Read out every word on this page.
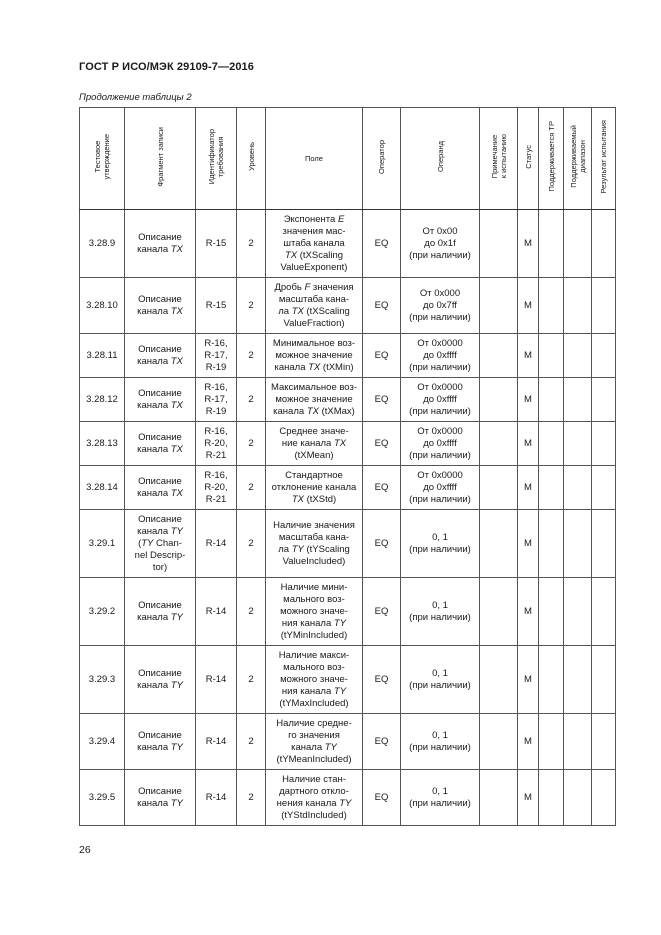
ГОСТ Р ИСО/МЭК 29109-7—2016
Продолжение таблицы 2
Тестовое
утверждение	Фрагмент записи	Идентификатор
требования	Уровень	Поле	Оператор	Операнд	Примечание
к испытанию	Статус	Поддерживается ТР	Поддерживаемый
диапазон	Результат испытания
3.28.9	Описание
канала TX	R-15	2	Экспонента E
значения мас-
штаба канала
TX (tXScaling
ValueExponent)	EQ	От 0x00
до 0x1f
(при наличии)		M			
3.28.10	Описание
канала TX	R-15	2	Дробь F значения
масштаба кана-
ла TX (tXScaling
ValueFraction)	EQ	От 0x000
до 0x7ff
(при наличии)		M			
3.28.11	Описание
канала TX	R-16,
R-17,
R-19	2	Минимальное воз-
можное значение
канала TX (tXMin)	EQ	От 0x0000
до 0xffff
(при наличии)		M			
3.28.12	Описание
канала TX	R-16,
R-17,
R-19	2	Максимальное воз-
можное значение
канала TX (tXMax)	EQ	От 0x0000
до 0xffff
(при наличии)		M			
3.28.13	Описание
канала TX	R-16,
R-20,
R-21	2	Среднее значе-
ние канала TX
(tXMean)	EQ	От 0x0000
до 0xffff
(при наличии)		M			
3.28.14	Описание
канала TX	R-16,
R-20,
R-21	2	Стандартное
отклонение канала
TX (tXStd)	EQ	От 0x0000
до 0xffff
(при наличии)		M			
3.29.1	Описание
канала TY
(TY Chan-
nel Descrip-
tor)	R-14	2	Наличие значения
масштаба кана-
ла TY (tYScaling
ValueIncluded)	EQ	0, 1
(при наличии)		M			
3.29.2	Описание
канала TY	R-14	2	Наличие мини-
мального воз-
можного значе-
ния канала TY
(tYMinIncluded)	EQ	0, 1
(при наличии)		M			
3.29.3	Описание
канала TY	R-14	2	Наличие макси-
мального воз-
можного значе-
ния канала TY
(tYMaxIncluded)	EQ	0, 1
(при наличии)		M			
3.29.4	Описание
канала TY	R-14	2	Наличие средне-
го значения
канала TY
(tYMeanIncluded)	EQ	0, 1
(при наличии)		M			
3.29.5	Описание
канала TY	R-14	2	Наличие стан-
дартного откло-
нения канала TY
(tYStdIncluded)	EQ	0, 1
(при наличии)		M			
26
